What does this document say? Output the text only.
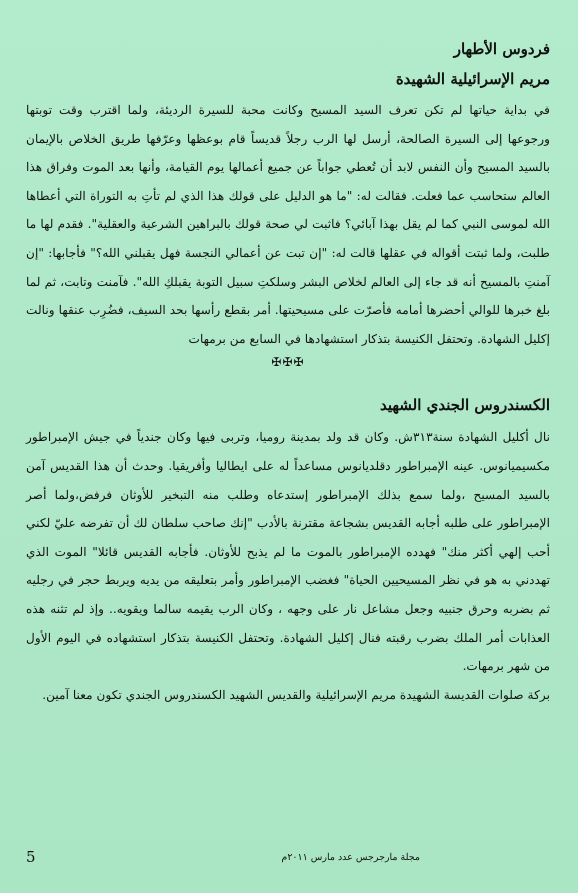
فردوس الأطهار
مريم الإسرائيلية الشهيدة

في بداية حياتها لم تكن تعرف السيد المسيح وكانت محبة للسيرة الرديئة، ولما اقترب وقت توبتها ورجوعها إلى السيرة الصالحة، أرسل لها الرب رجلاً قديساً قام بوعظها وعرّفها طريق الخلاص بالإيمان بالسيد المسيح وأن النفس لابد أن تُعطي جواباً عن جميع أعمالها يوم القيامة، وأنها بعد الموت وفراق هذا العالم ستحاسب عما فعلت. فقالت له: "ما هو الدليل على قولك هذا الذي لم تأتِ به التوراة التي أعطاها الله لموسى النبي كما لم يقل بهذا آبائي؟ فاثبت لي صحة قولك بالبراهين الشرعية والعقلية". فقدم لها ما طلبت، ولما ثبتت أقواله في عقلها قالت له: "إن تبت عن أعمالي النجسة فهل يقبلني الله؟" فأجابها: "إن آمنتِ بالمسيح أنه قد جاء إلى العالم لخلاص البشر وسلكتِ سبيل التوبة يقبلكِ الله". فآمنت وتابت، ثم لما بلغ خبرها للوالي أحضرها أمامه فأصرّت على مسيحيتها. أمر بقطع رأسها بحد السيف، فضُرِب عنقها ونالت إكليل الشهادة. وتحتفل الكنيسة بتذكار استشهادها في السابع من برمهات

✠✠✠
الكسندروس الجندي الشهيد

نال أكليل الشهادة سنة٣١٣ش. وكان قد ولد بمدينة روميا، وتربى فيها وكان جندياً في جيش الإمبراطور مكسيميانوس. عينه الإمبراطور دقلديانوس مساعداً له على ايطاليا وأفريقيا. وحدث أن هذا القديس آمن بالسيد المسيح ،ولما سمع بذلك الإمبراطور إستدعاه وطلب منه التبخير للأوثان فرفض،ولما أصر الإمبراطور على طلبه أجابه القديس بشجاعة مقترنة بالأدب "إنك صاحب سلطان لك أن تفرضه عليّ لكني أحب إلهي أكثر منك" فهدده الإمبراطور بالموت ما لم يذبح للأوثان. فأجابه القديس قائلا" الموت الذي تهددني به هو في نظر المسيحيين الحياة" فغضب الإمبراطور وأمر بتعليقه من يديه ويربط حجر في رجليه ثم بضربه وحرق جنبيه وجعل مشاعل نار على وجهه ، وكان الرب يقيمه سالما ويقويه.. وإذ لم تثنه هذه العذابات أمر الملك بضرب رقبته فنال إكليل الشهادة. وتحتفل الكنيسة بتذكار استشهاده في اليوم الأول من شهر برمهات.

بركة صلوات القديسة الشهيدة مريم الإسرائيلية والقديس الشهيد الكسندروس الجندي تكون معنا آمين.

5	مجلة مارجرجس عدد مارس ٢٠١١م
